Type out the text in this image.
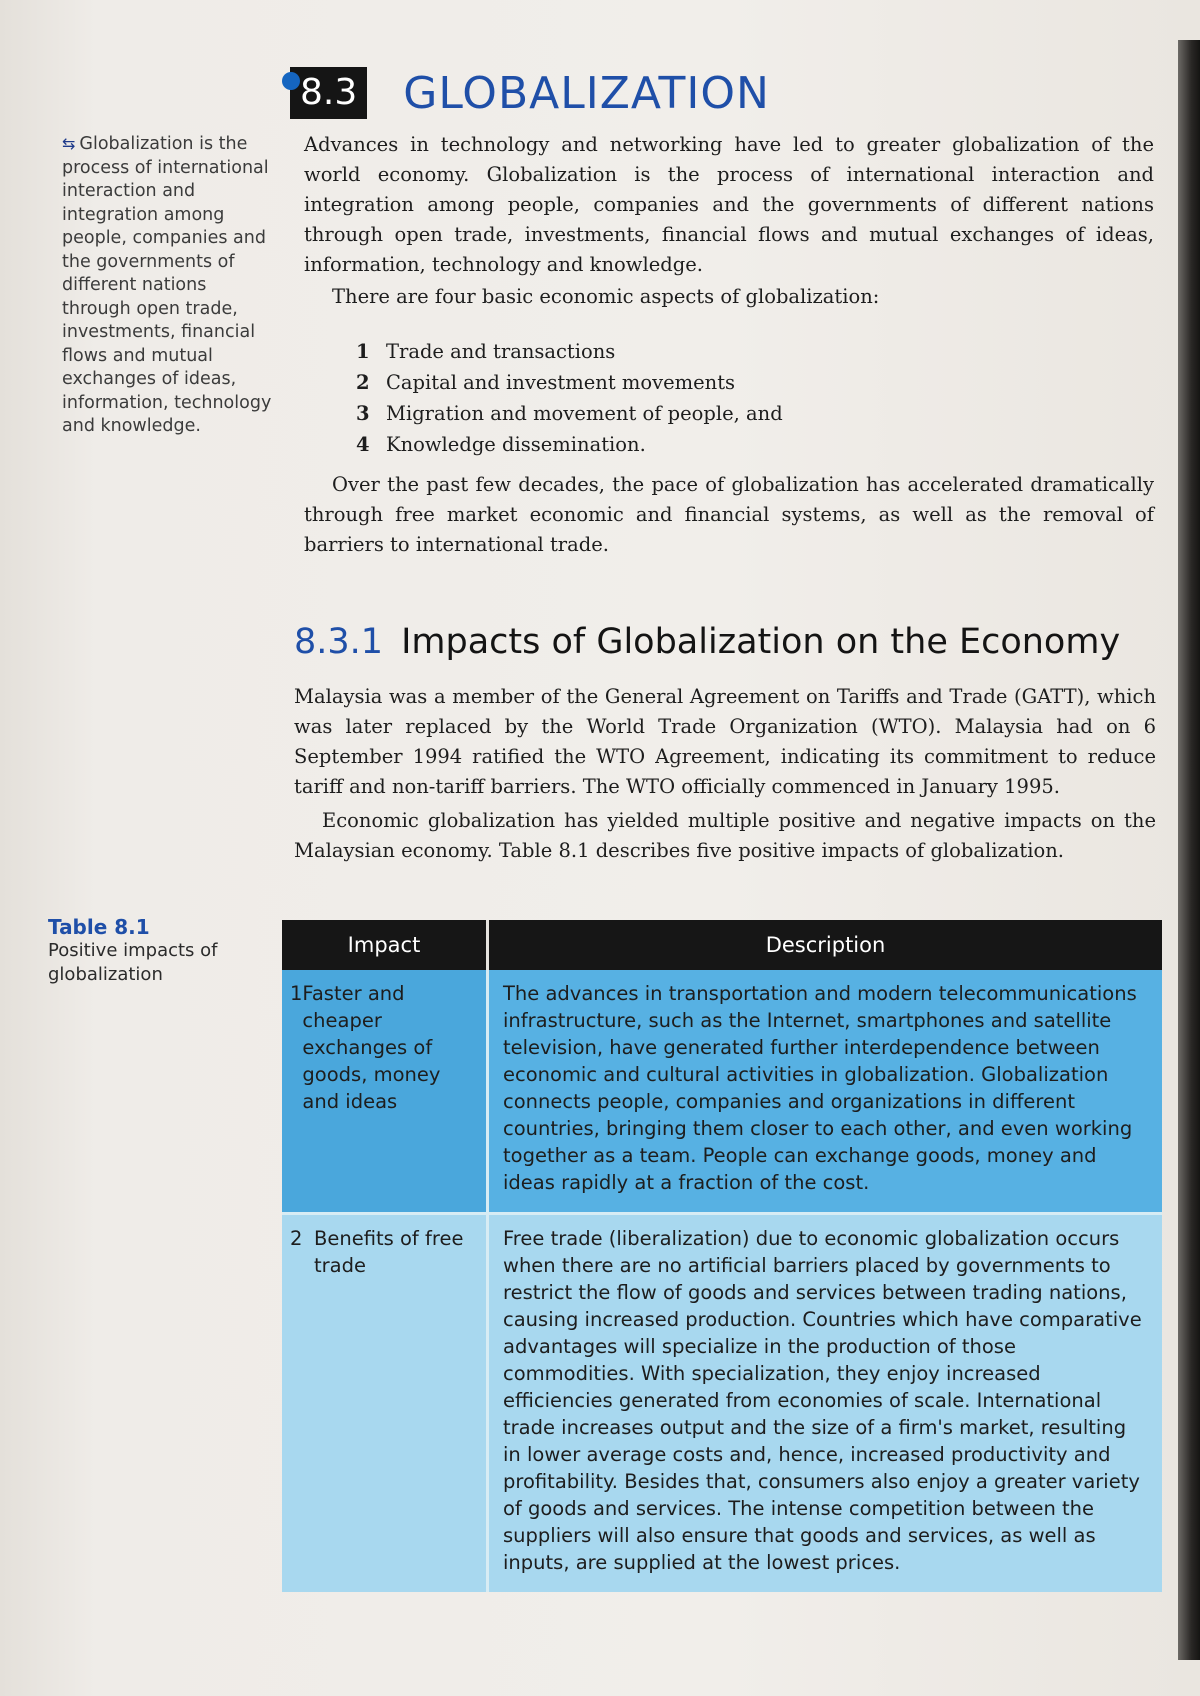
⇆ Globalization is the process of international interaction and integration among people, companies and the governments of different nations through open trade, investments, financial flows and mutual exchanges of ideas, information, technology and knowledge.
8.3 GLOBALIZATION

Advances in technology and networking have led to greater globalization of the world economy. Globalization is the process of international interaction and integration among people, companies and the governments of different nations through open trade, investments, financial flows and mutual exchanges of ideas, information, technology and knowledge.

There are four basic economic aspects of globalization:

1 Trade and transactions
2 Capital and investment movements
3 Migration and movement of people, and
4 Knowledge dissemination.

Over the past few decades, the pace of globalization has accelerated dramatically through free market economic and financial systems, as well as the removal of barriers to international trade.

8.3.1 Impacts of Globalization on the Economy

Malaysia was a member of the General Agreement on Tariffs and Trade (GATT), which was later replaced by the World Trade Organization (WTO). Malaysia had on 6 September 1994 ratified the WTO Agreement, indicating its commitment to reduce tariff and non-tariff barriers. The WTO officially commenced in January 1995.

Economic globalization has yielded multiple positive and negative impacts on the Malaysian economy. Table 8.1 describes five positive impacts of globalization.

Table 8.1
Positive impacts of globalization
Impact	Description
1 Faster and cheaper exchanges of goods, money and ideas
The advances in transportation and modern telecommunications infrastructure, such as the Internet, smartphones and satellite television, have generated further interdependence between economic and cultural activities in globalization. Globalization connects people, companies and organizations in different countries, bringing them closer to each other, and even working together as a team. People can exchange goods, money and ideas rapidly at a fraction of the cost.
2 Benefits of free trade
Free trade (liberalization) due to economic globalization occurs when there are no artificial barriers placed by governments to restrict the flow of goods and services between trading nations, causing increased production. Countries which have comparative advantages will specialize in the production of those commodities. With specialization, they enjoy increased efficiencies generated from economies of scale. International trade increases output and the size of a firm's market, resulting in lower average costs and, hence, increased productivity and profitability. Besides that, consumers also enjoy a greater variety of goods and services. The intense competition between the suppliers will also ensure that goods and services, as well as inputs, are supplied at the lowest prices.
